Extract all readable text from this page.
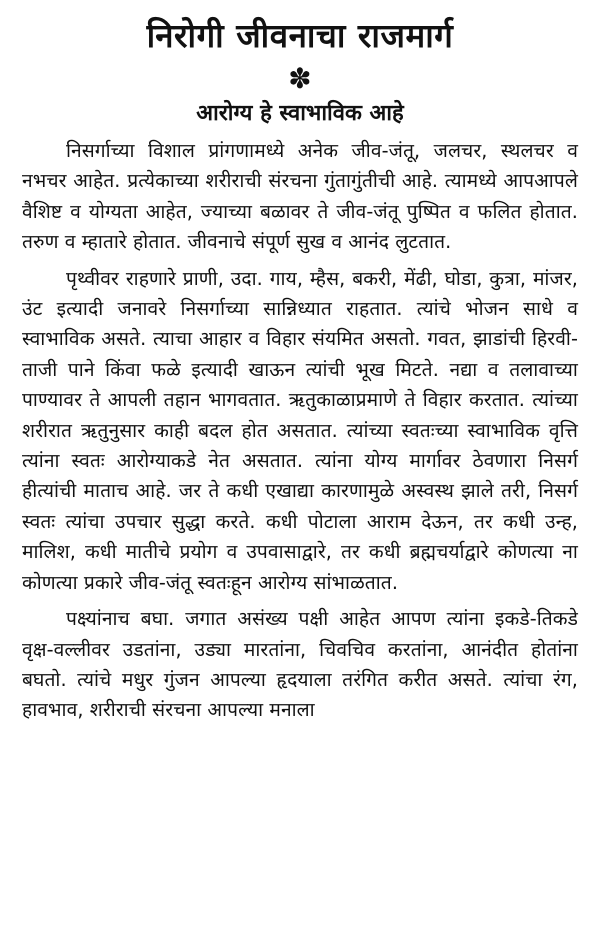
निरोगी जीवनाचा राजमार्ग
✽
आरोग्य हे स्वाभाविक आहे

निसर्गाच्या विशाल प्रांगणामध्ये अनेक जीव-जंतू, जलचर, स्थलचर व नभचर आहेत. प्रत्येकाच्या शरीराची संरचना गुंतागुंतीची आहे. त्यामध्ये आपआपले वैशिष्ट व योग्यता आहेत, ज्याच्या बळावर ते जीव-जंतू पुष्पित व फलित होतात. तरुण व म्हातारे होतात. जीवनाचे संपूर्ण सुख व आनंद लुटतात.

पृथ्वीवर राहणारे प्राणी, उदा. गाय, म्हैस, बकरी, मेंढी, घोडा, कुत्रा, मांजर, उंट इत्यादी जनावरे निसर्गाच्या सान्निध्यात राहतात. त्यांचे भोजन साधे व स्वाभाविक असते. त्याचा आहार व विहार संयमित असतो. गवत, झाडांची हिरवी-ताजी पाने किंवा फळे इत्यादी खाऊन त्यांची भूख मिटते. नद्या व तलावाच्या पाण्यावर ते आपली तहान भागवतात. ऋतुकाळाप्रमाणे ते विहार करतात. त्यांच्या शरीरात ऋतुनुसार काही बदल होत असतात. त्यांच्या स्वतःच्या स्वाभाविक वृत्ति त्यांना स्वतः आरोग्याकडे नेत असतात. त्यांना योग्य मार्गावर ठेवणारा निसर्ग हीत्यांची माताच आहे. जर ते कधी एखाद्या कारणामुळे अस्वस्थ झाले तरी, निसर्ग स्वतः त्यांचा उपचार सुद्धा करते. कधी पोटाला आराम देऊन, तर कधी उन्ह, मालिश, कधी मातीचे प्रयोग व उपवासाद्वारे, तर कधी ब्रह्मचर्याद्वारे कोणत्या ना कोणत्या प्रकारे जीव-जंतू स्वतःहून आरोग्य सांभाळतात.

पक्ष्यांनाच बघा. जगात असंख्य पक्षी आहेत आपण त्यांना इकडे-तिकडे वृक्ष-वल्लीवर उडतांना, उड्या मारतांना, चिवचिव करतांना, आनंदीत होतांना बघतो. त्यांचे मधुर गुंजन आपल्या हृदयाला तरंगित करीत असते. त्यांचा रंग, हावभाव, शरीराची संरचना आपल्या मनाला
